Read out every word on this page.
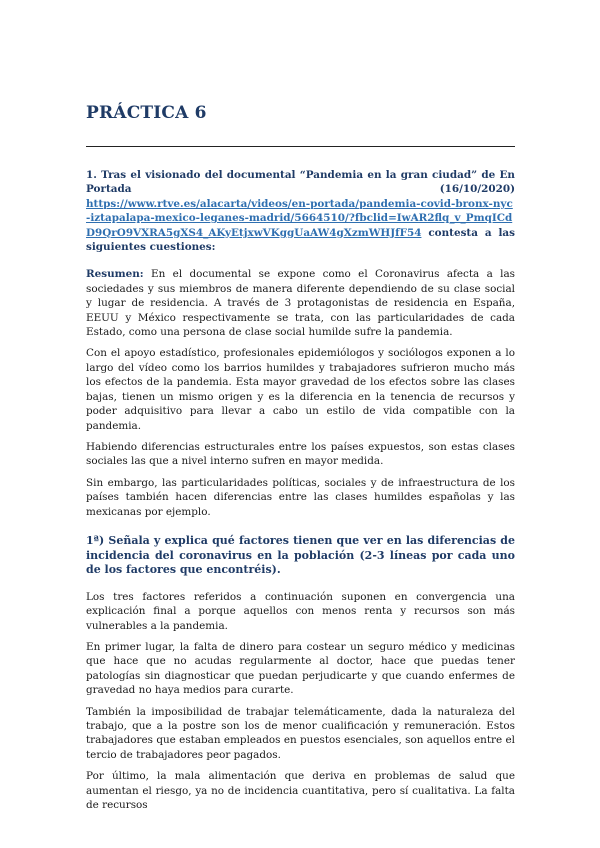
PRÁCTICA 6

1. Tras el visionado del documental “Pandemia en la gran ciudad” de En Portada	(16/10/2020)
https://www.rtve.es/alacarta/videos/en-portada/pandemia-covid-bronx-nyc-iztapalapa-mexico-leganes-madrid/5664510/?fbclid=IwAR2flq_v_PmqICdD9QrO9VXRA5gXS4_AKyEtjxwVKggUaAW4gXzmWHJfF54 contesta a las siguientes cuestiones:

Resumen: En el documental se expone como el Coronavirus afecta a las sociedades y sus miembros de manera diferente dependiendo de su clase social y lugar de residencia. A través de 3 protagonistas de residencia en España, EEUU y México respectivamente se trata, con las particularidades de cada Estado, como una persona de clase social humilde sufre la pandemia.

Con el apoyo estadístico, profesionales epidemiólogos y sociólogos exponen a lo largo del vídeo como los barrios humildes y trabajadores sufrieron mucho más los efectos de la pandemia. Esta mayor gravedad de los efectos sobre las clases bajas, tienen un mismo origen y es la diferencia en la tenencia de recursos y poder adquisitivo para llevar a cabo un estilo de vida compatible con la pandemia.

Habiendo diferencias estructurales entre los países expuestos, son estas clases sociales las que a nivel interno sufren en mayor medida.

Sin embargo, las particularidades políticas, sociales y de infraestructura de los países también hacen diferencias entre las clases humildes españolas y las mexicanas por ejemplo.

1ª) Señala y explica qué factores tienen que ver en las diferencias de incidencia del coronavirus en la población (2-3 líneas por cada uno de los factores que encontréis).

Los tres factores referidos a continuación suponen en convergencia una explicación final a porque aquellos con menos renta y recursos son más vulnerables a la pandemia.

En primer lugar, la falta de dinero para costear un seguro médico y medicinas que hace que no acudas regularmente al doctor, hace que puedas tener patologías sin diagnosticar que puedan perjudicarte y que cuando enfermes de gravedad no haya medios para curarte.

También la imposibilidad de trabajar telemáticamente, dada la naturaleza del trabajo, que a la postre son los de menor cualificación y remuneración. Estos trabajadores que estaban empleados en puestos esenciales, son aquellos entre el tercio de trabajadores peor pagados.

Por último, la mala alimentación que deriva en problemas de salud que aumentan el riesgo, ya no de incidencia cuantitativa, pero sí cualitativa. La falta de recursos
